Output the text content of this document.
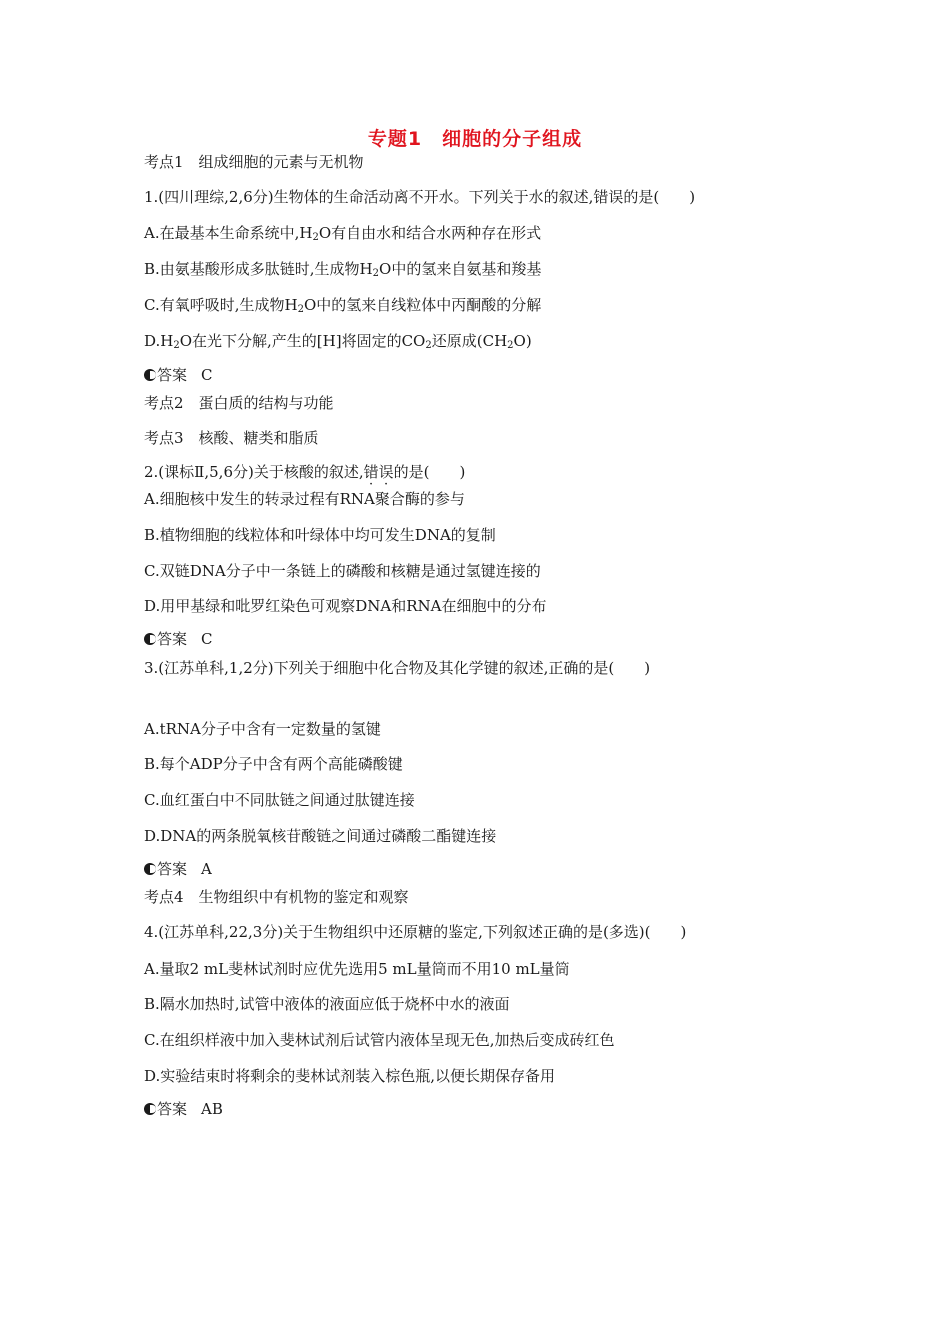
专题1　细胞的分子组成
考点1　组成细胞的元素与无机物
1.(四川理综,2,6分)生物体的生命活动离不开水。下列关于水的叙述,错误的是(　　)
A.在最基本生命系统中$,H_2O$有自由水和结合水两种存在形式
B.由氨基酸形成多肽链时,生成物$H_2O$中的氢来自氨基和羧基
C.有氧呼吸时,生成物$H_2O$中的氢来自线粒体中丙酮酸的分解
$D.H_2O$在光下分解,产生的[H]将固定的$CO_2$还原成$(CH_2O)$
答案 C
考点2　蛋白质的结构与功能
考点3　核酸、糖类和脂质
2.(课标Ⅱ,5,6分)关于核酸的叙述,错误的是(　　)
A.细胞核中发生的转录过程有RNA聚合酶的参与
B.植物细胞的线粒体和叶绿体中均可发生DNA的复制
C.双链DNA分子中一条链上的磷酸和核糖是通过氢键连接的
D.用甲基绿和吡罗红染色可观察DNA和RNA在细胞中的分布
答案 C
3.(江苏单科,1,2分)下列关于细胞中化合物及其化学键的叙述,正确的是(　　)
A.tRNA分子中含有一定数量的氢键
B.每个ADP分子中含有两个高能磷酸键
C.血红蛋白中不同肽链之间通过肽键连接
D.DNA的两条脱氧核苷酸链之间通过磷酸二酯键连接
答案 A
考点4　生物组织中有机物的鉴定和观察
4.(江苏单科,22,3分)关于生物组织中还原糖的鉴定,下列叙述正确的是(多选)(　　)
A.量取2 mL斐林试剂时应优先选用5 mL量筒而不用10 mL量筒
B.隔水加热时,试管中液体的液面应低于烧杯中水的液面
C.在组织样液中加入斐林试剂后试管内液体呈现无色,加热后变成砖红色
D.实验结束时将剩余的斐林试剂装入棕色瓶,以便长期保存备用
答案 AB
